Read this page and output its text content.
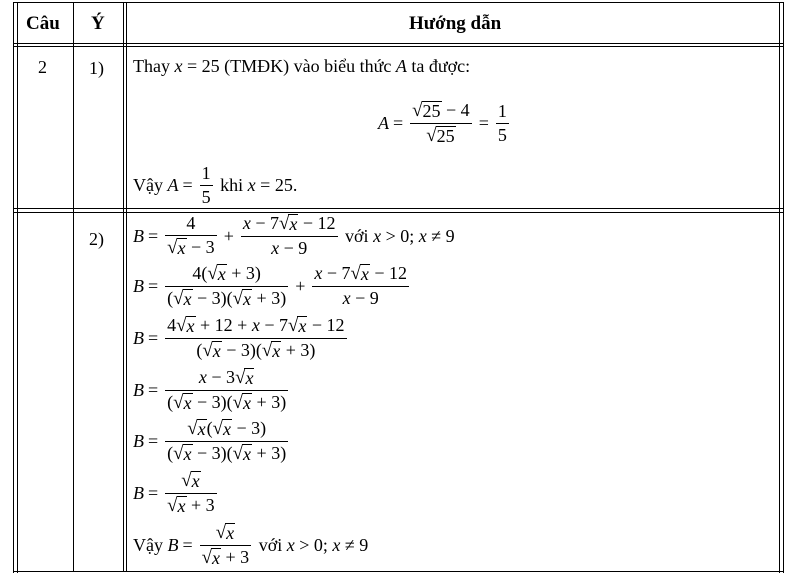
Câu Ý	Hướng dẫn
2 1) Thay x = 25 (TMĐK) vào biểu thức A ta được:
$A = \frac{√ 25 - 4}{√ 25} = \frac{1}{5}$
Vậy
$A = \frac{1}{5}$
khi
x = 25.
2) $B = \frac{4}{√ x - 3} + \frac{x - 7 √ x - 12}{x - 9}$
với
x > 0; x ≠ 9
$B = \frac{4( √ x + 3)}{( √ x - 3)( √ x + 3)} + \frac{x - 7 √ x - 12}{x - 9}$
$B = \frac{4 √ x + 12 + x - 7 √ x - 12}{( √ x - 3)( √ x + 3)}$
$B = \frac{x - 3 √ x}{( √ x - 3)( √ x + 3)}$
$B = \frac{√ x ( √ x - 3)}{( √ x - 3)( √ x + 3)}$
$B = \frac{√ x}{√ x + 3}$
Vậy
$B = \frac{√ x}{√ x + 3}$
với
x > 0; x ≠ 9
